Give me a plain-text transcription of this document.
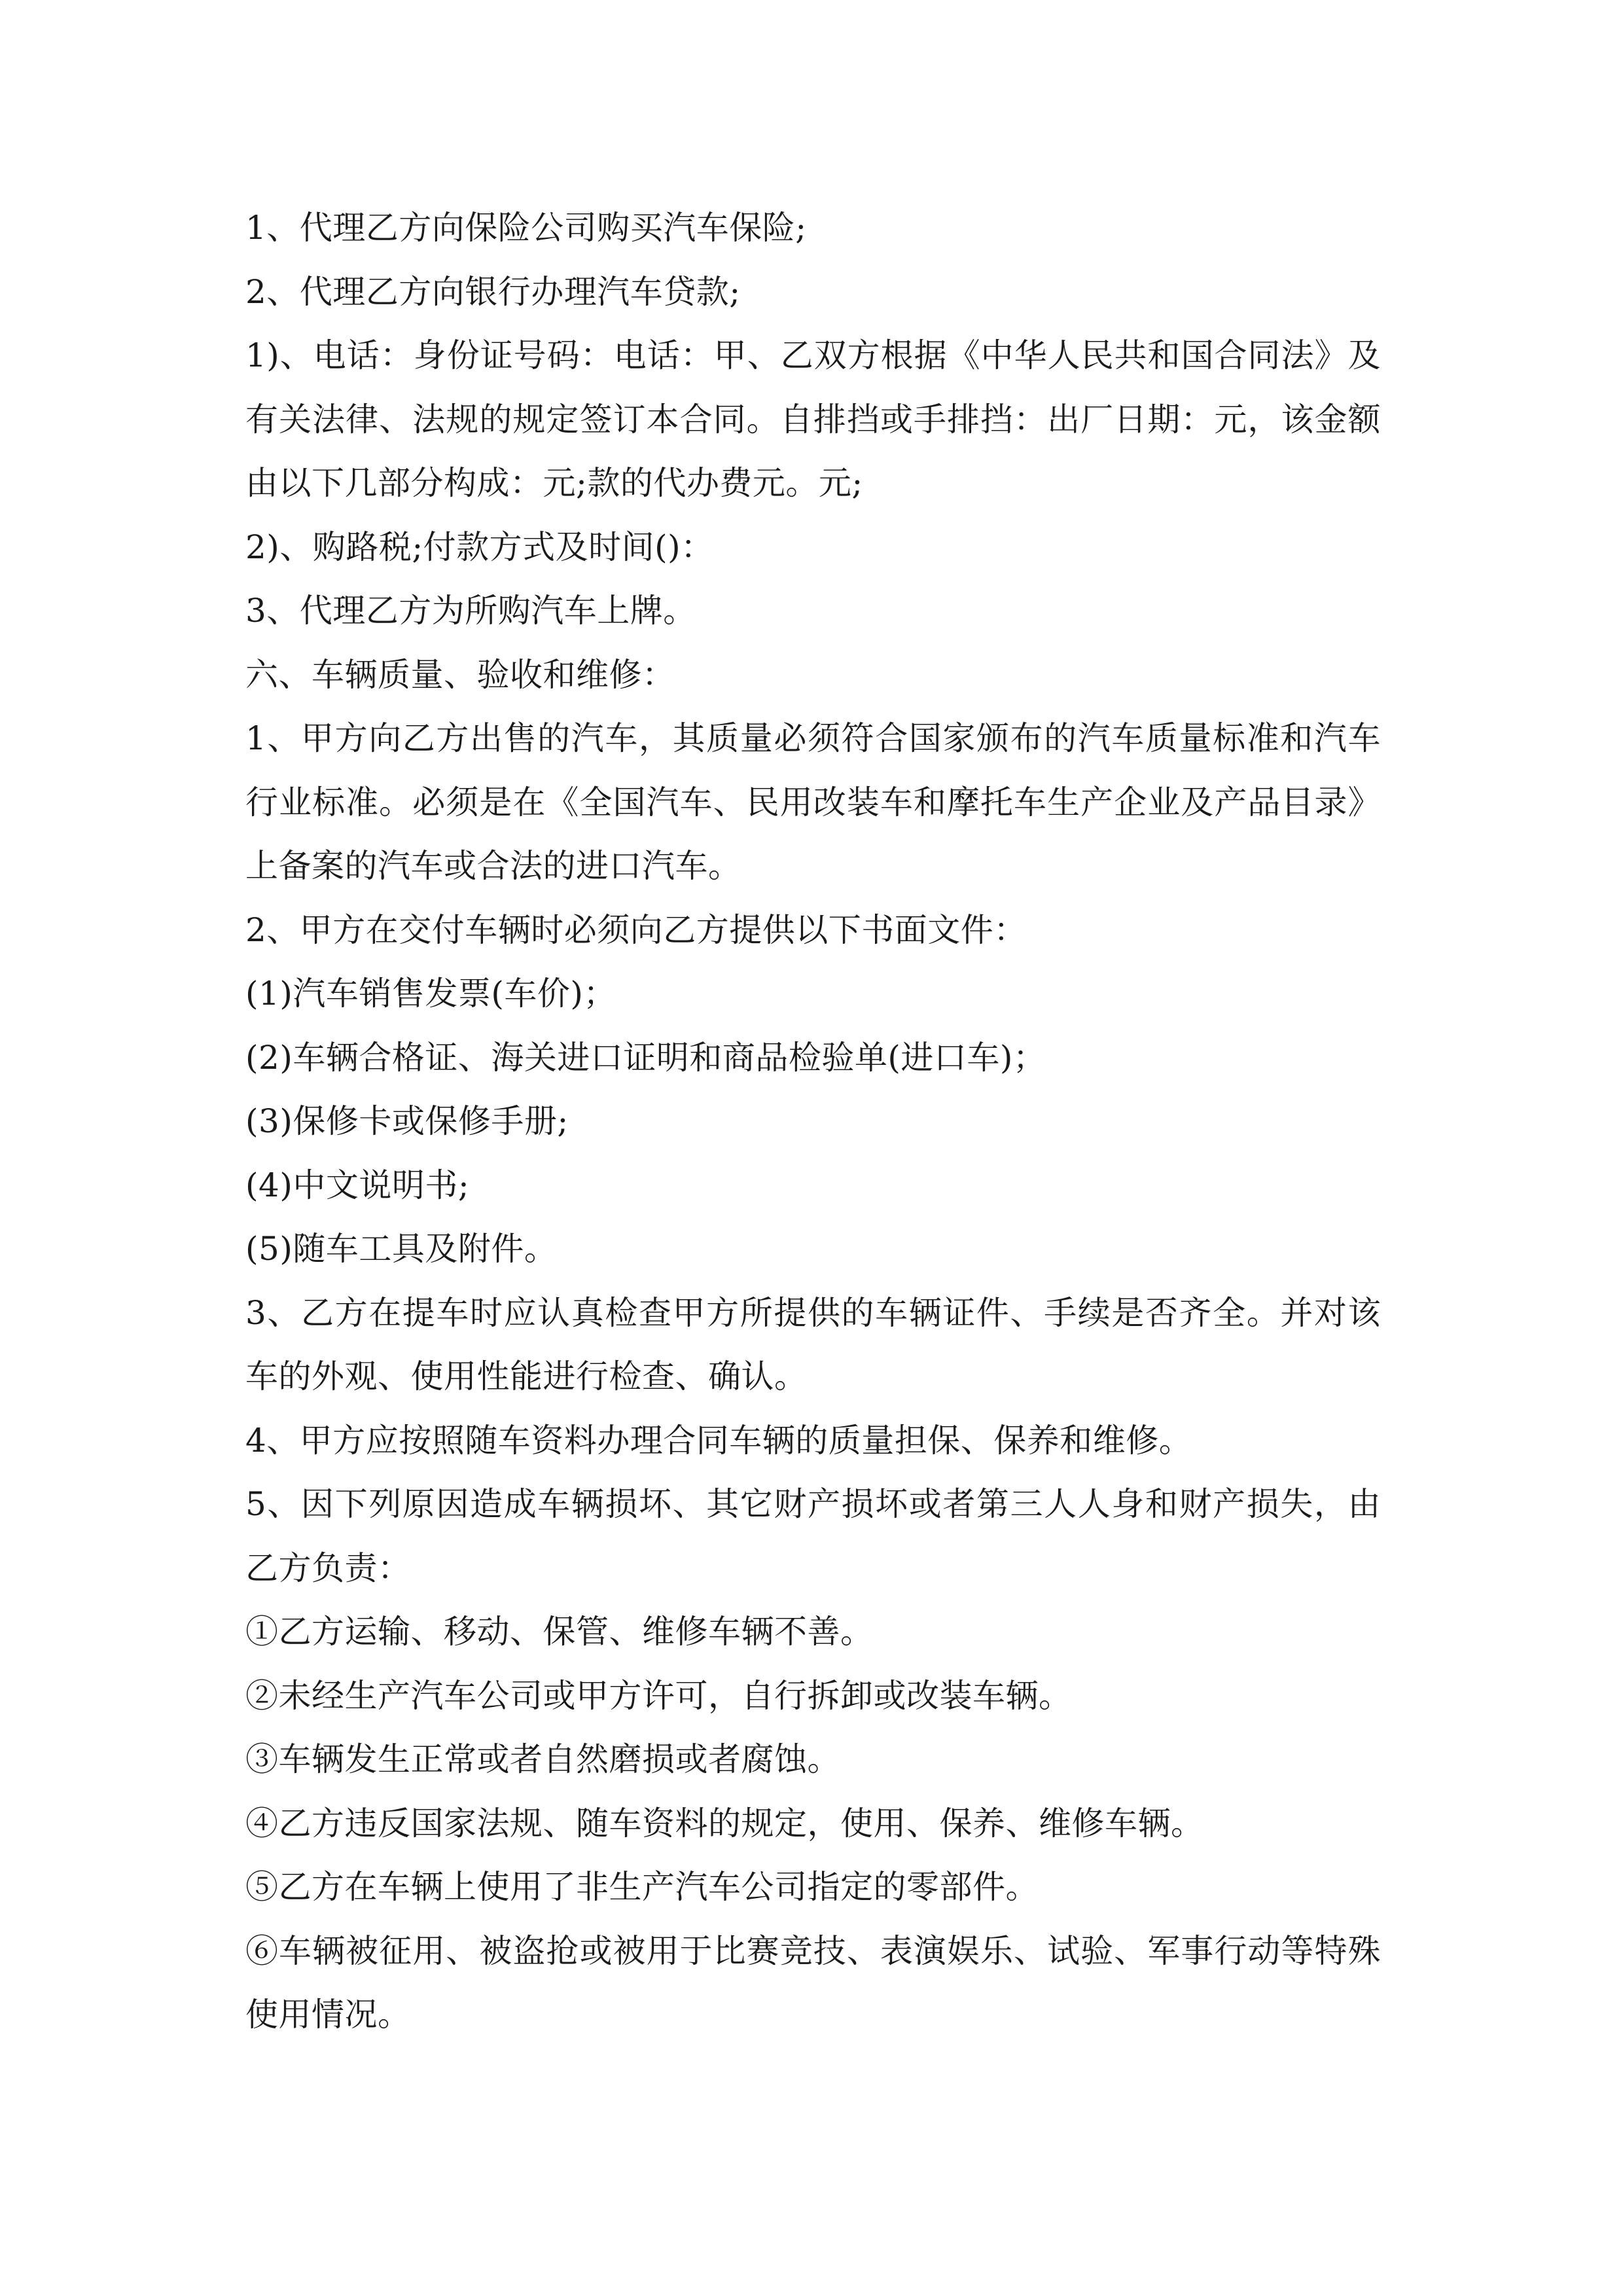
1、代理乙方向保险公司购买汽车保险;

2、代理乙方向银行办理汽车贷款;

1)、电话：身份证号码：电话：甲、乙双方根据《中华人民共和国合同法》及有关法律、法规的规定签订本合同。自排挡或手排挡：出厂日期：元，该金额由以下几部分构成：元;款的代办费元。元;

2)、购路税;付款方式及时间()：

3、代理乙方为所购汽车上牌。

六、车辆质量、验收和维修：

1、甲方向乙方出售的汽车，其质量必须符合国家颁布的汽车质量标准和汽车行业标准。必须是在《全国汽车、民用改装车和摩托车生产企业及产品目录》上备案的汽车或合法的进口汽车。

2、甲方在交付车辆时必须向乙方提供以下书面文件：

(1)汽车销售发票(车价)；

(2)车辆合格证、海关进口证明和商品检验单(进口车)；

(3)保修卡或保修手册;

(4)中文说明书;

(5)随车工具及附件。

3、乙方在提车时应认真检查甲方所提供的车辆证件、手续是否齐全。并对该车的外观、使用性能进行检查、确认。

4、甲方应按照随车资料办理合同车辆的质量担保、保养和维修。

5、因下列原因造成车辆损坏、其它财产损坏或者第三人人身和财产损失，由乙方负责：

①乙方运输、移动、保管、维修车辆不善。

②未经生产汽车公司或甲方许可，自行拆卸或改装车辆。

③车辆发生正常或者自然磨损或者腐蚀。

④乙方违反国家法规、随车资料的规定，使用、保养、维修车辆。

⑤乙方在车辆上使用了非生产汽车公司指定的零部件。

⑥车辆被征用、被盗抢或被用于比赛竞技、表演娱乐、试验、军事行动等特殊使用情况。
